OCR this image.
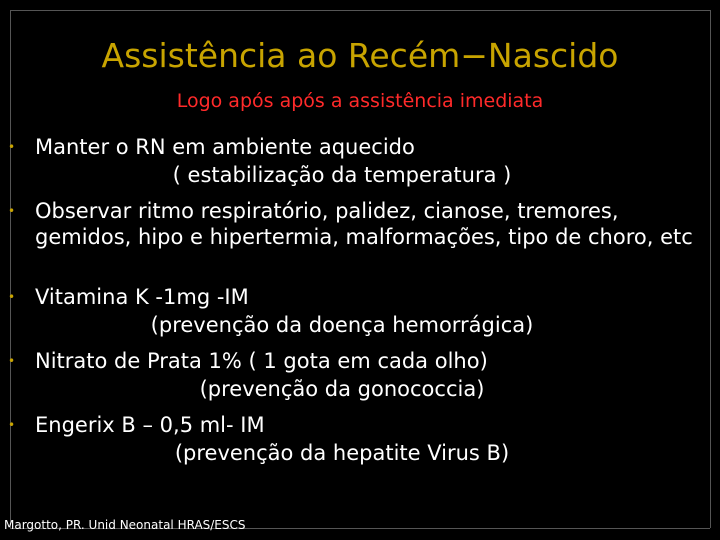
Assistência ao Recém−Nascido
Logo após após a assistência imediata
• Manter o RN em ambiente aquecido
( estabilização da temperatura )
• Observar ritmo respiratório, palidez, cianose, tremores, gemidos, hipo e hipertermia, malformações, tipo de choro, etc
• Vitamina K -1mg -IM
(prevenção da doença hemorrágica)
• Nitrato de Prata 1% ( 1 gota em cada olho)
(prevenção da gonococcia)
• Engerix B – 0,5 ml- IM
(prevenção da hepatite Virus B)
Margotto, PR. Unid Neonatal HRAS/ESCS
